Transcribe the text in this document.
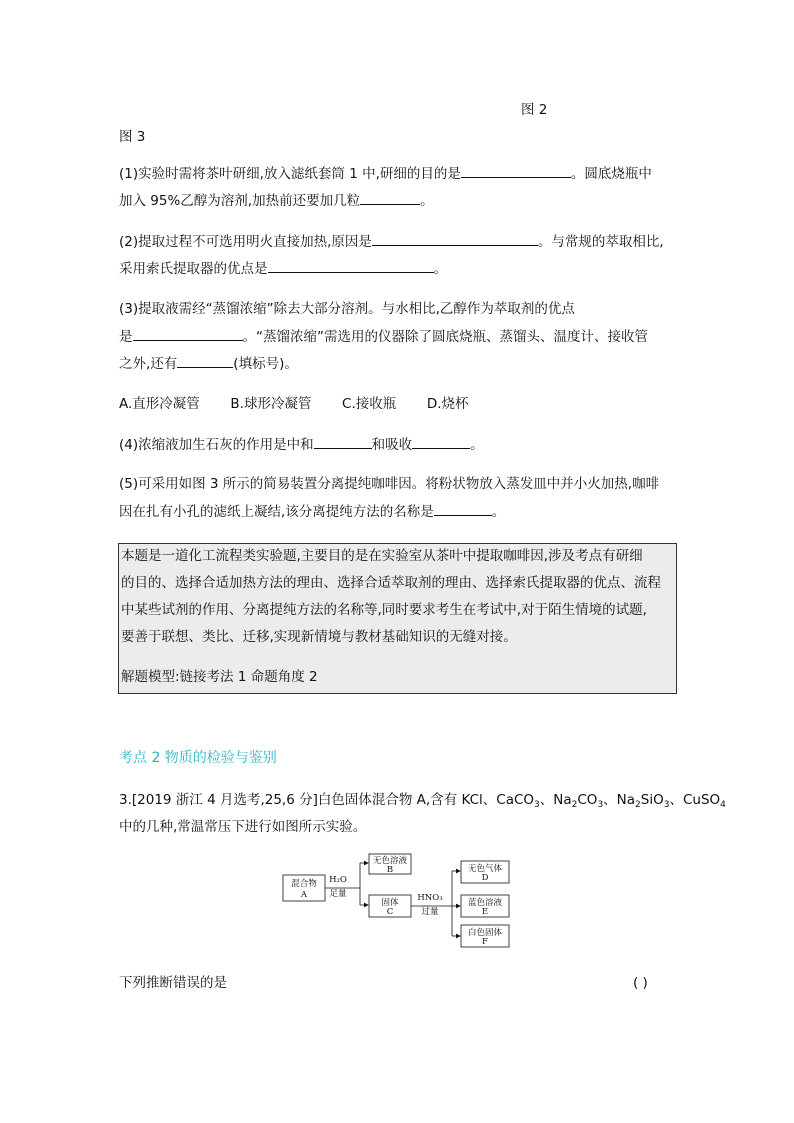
图 2
图 3
(1)实验时需将茶叶研细,放入滤纸套筒 1 中,研细的目的是	。圆底烧瓶中
加入 95%乙醇为溶剂,加热前还要加几粒	。
(2)提取过程不可选用明火直接加热,原因是	。与常规的萃取相比,
采用索氏提取器的优点是	。
(3)提取液需经“蒸馏浓缩”除去大部分溶剂。与水相比,乙醇作为萃取剂的优点
是	。“蒸馏浓缩”需选用的仪器除了圆底烧瓶、蒸馏头、温度计、接收管
之外,还有	(填标号)。
A.直形冷凝管 B.球形冷凝管 C.接收瓶 D.烧杯
(4)浓缩液加生石灰的作用是中和	和吸收	。
(5)可采用如图 3 所示的简易装置分离提纯咖啡因。将粉状物放入蒸发皿中并小火加热,咖啡
因在扎有小孔的滤纸上凝结,该分离提纯方法的名称是	。
本题是一道化工流程类实验题,主要目的是在实验室从茶叶中提取咖啡因,涉及考点有研细
的目的、选择合适加热方法的理由、选择合适萃取剂的理由、选择索氏提取器的优点、流程
中某些试剂的作用、分离提纯方法的名称等,同时要求考生在考试中,对于陌生情境的试题,
要善于联想、类比、迁移,实现新情境与教材基础知识的无缝对接。
解题模型:链接考法 1 命题角度 2
考点 2 物质的检验与鉴别
3.[2019 浙江 4 月选考,25,6 分]白色固体混合物 A,含有 KCl、CaCO$_3$、$Na_2CO_3$、$Na_2SiO_3$、CuSO$_4$
中的几种,常温常压下进行如图所示实验。
混合物
A
H₂O
足量
无色溶液
B
固体
C
HNO₃
过量
无色气体
D
蓝色溶液
E
白色固体
F
下列推断错误的是	( )
